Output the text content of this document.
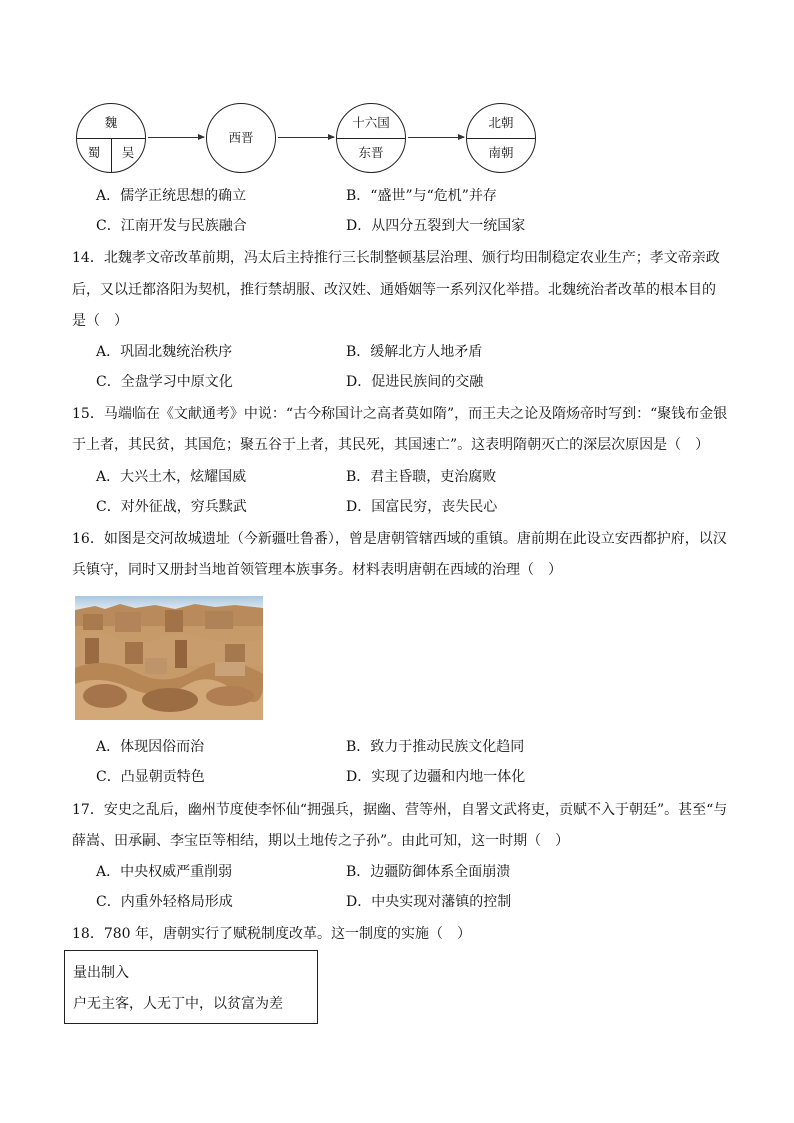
魏
蜀	吴
西晋
十六国
东晋
北朝
南朝
A．儒学正统思想的确立	B．“盛世”与“危机”并存
C．江南开发与民族融合	D．从四分五裂到大一统国家
14．北魏孝文帝改革前期，冯太后主持推行三长制整顿基层治理、颁行均田制稳定农业生产；孝文帝亲政
后，又以迁都洛阳为契机，推行禁胡服、改汉姓、通婚姻等一系列汉化举措。北魏统治者改革的根本目的
是（　）
A．巩固北魏统治秩序	B．缓解北方人地矛盾
C．全盘学习中原文化	D．促进民族间的交融
15．马端临在《文献通考》中说：“古今称国计之高者莫如隋”，而王夫之论及隋炀帝时写到：“聚钱布金银
于上者，其民贫，其国危；聚五谷于上者，其民死，其国速亡”。这表明隋朝灭亡的深层次原因是（　）
A．大兴土木，炫耀国威	B．君主昏聩，吏治腐败
C．对外征战，穷兵黩武	D．国富民穷，丧失民心
16．如图是交河故城遗址（今新疆吐鲁番），曾是唐朝管辖西域的重镇。唐前期在此设立安西都护府，以汉
兵镇守，同时又册封当地首领管理本族事务。材料表明唐朝在西域的治理（　）
A．体现因俗而治	B．致力于推动民族文化趋同
C．凸显朝贡特色	D．实现了边疆和内地一体化
17．安史之乱后，幽州节度使李怀仙“拥强兵，据幽、营等州，自署文武将吏，贡赋不入于朝廷”。甚至“与
薛嵩、田承嗣、李宝臣等相结，期以土地传之子孙”。由此可知，这一时期（　）
A．中央权威严重削弱	B．边疆防御体系全面崩溃
C．内重外轻格局形成	D．中央实现对藩镇的控制
18．780 年，唐朝实行了赋税制度改革。这一制度的实施（　）
量出制入
户无主客，人无丁中，以贫富为差
